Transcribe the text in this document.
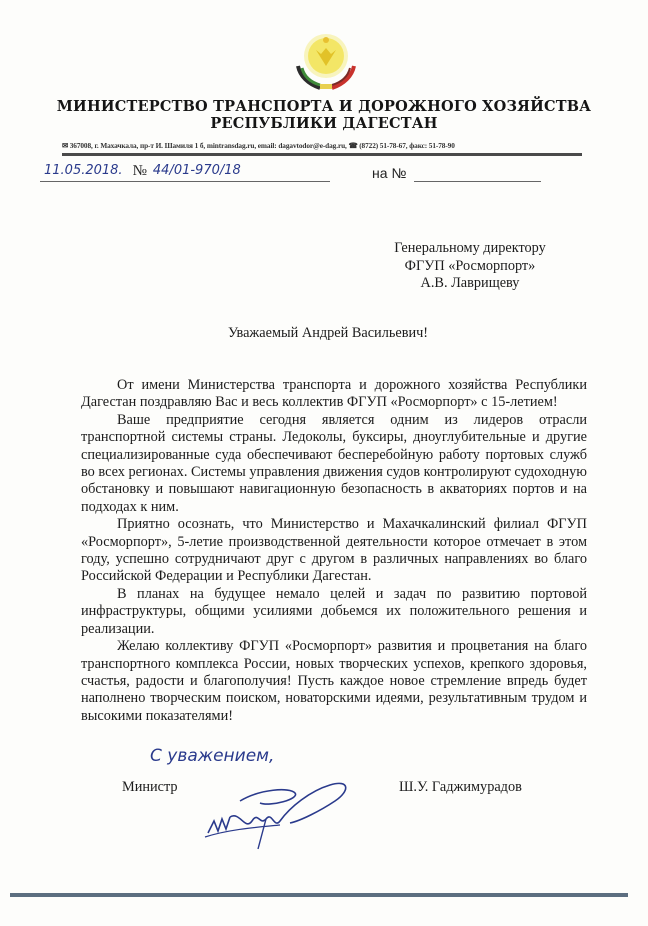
МИНИСТЕРСТВО ТРАНСПОРТА И ДОРОЖНОГО ХОЗЯЙСТВА
РЕСПУБЛИКИ ДАГЕСТАН
✉ 367008, г. Махачкала, пр-т И. Шамиля 1 б, mintransdag.ru, email: dagavtodor@e-dag.ru, ☎ (8722) 51-78-67, факс: 51-78-90
11.05.2018. № 44/01-970/18	на №
Генеральному директору
ФГУП «Росморпорт»
А.В. Лаврищеву
Уважаемый Андрей Васильевич!

От имени Министерства транспорта и дорожного хозяйства Республики Дагестан поздравляю Вас и весь коллектив ФГУП «Росморпорт» с 15-летием!

Ваше предприятие сегодня является одним из лидеров отрасли транспортной системы страны. Ледоколы, буксиры, дноуглубительные и другие специализированные суда обеспечивают бесперебойную работу портовых служб во всех регионах. Системы управления движения судов контролируют судоходную обстановку и повышают навигационную безопасность в акваториях портов и на подходах к ним.

Приятно осознать, что Министерство и Махачкалинский филиал ФГУП «Росморпорт», 5-летие производственной деятельности которое отмечает в этом году, успешно сотрудничают друг с другом в различных направлениях во благо Российской Федерации и Республики Дагестан.

В планах на будущее немало целей и задач по развитию портовой инфраструктуры, общими усилиями добьемся их положительного решения и реализации.

Желаю коллективу ФГУП «Росморпорт» развития и процветания на благо транспортного комплекса России, новых творческих успехов, крепкого здоровья, счастья, радости и благополучия! Пусть каждое новое стремление впредь будет наполнено творческим поиском, новаторскими идеями, результативным трудом и высокими показателями!

С уважением,
Министр	Ш.У. Гаджимурадов
